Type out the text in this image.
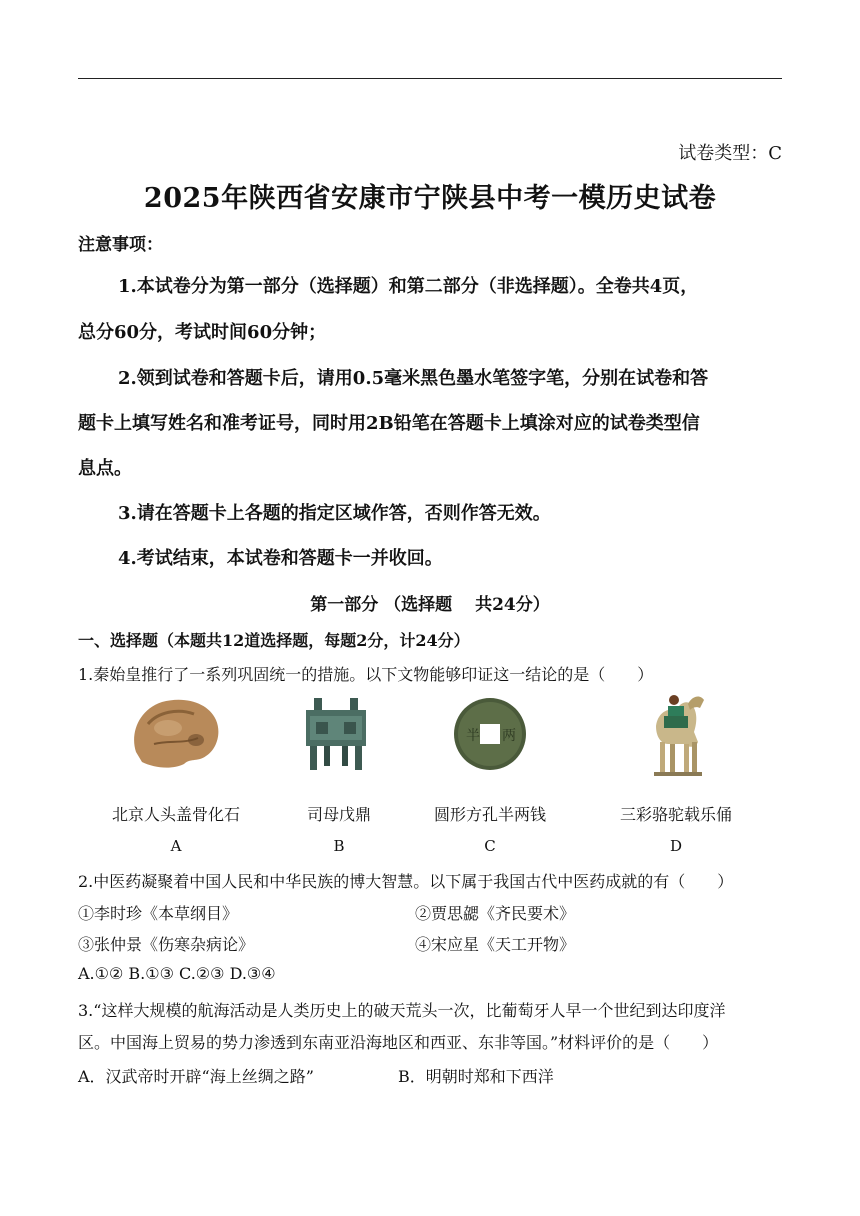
试卷类型：C
2025年陕西省安康市宁陕县中考一模历史试卷
注意事项：
1.本试卷分为第一部分（选择题）和第二部分（非选择题）。全卷共4页，
总分60分，考试时间60分钟；
2.领到试卷和答题卡后，请用0.5毫米黑色墨水笔签字笔，分别在试卷和答
题卡上填写姓名和准考证号，同时用2B铅笔在答题卡上填涂对应的试卷类型信
息点。
3.请在答题卡上各题的指定区域作答，否则作答无效。
4.考试结束，本试卷和答题卡一并收回。
第一部分 （选择题　 共24分）
一、选择题（本题共12道选择题，每题2分，计24分）
1.秦始皇推行了一系列巩固统一的措施。以下文物能够印证这一结论的是（　　）
半 两
北京人头盖骨化石	司母戊鼎	圆形方孔半两钱	三彩骆驼载乐俑
A	B	C	D
2.中医药凝聚着中国人民和中华民族的博大智慧。以下属于我国古代中医药成就的有（　　）
①李时珍《本草纲目》	②贾思勰《齐民要术》
③张仲景《伤寒杂病论》	④宋应星《天工开物》
A.①② B.①③ C.②③ D.③④
3.“这样大规模的航海活动是人类历史上的破天荒头一次，比葡萄牙人早一个世纪到达印度洋
区。中国海上贸易的势力渗透到东南亚沿海地区和西亚、东非等国。”材料评价的是（　　）
A．汉武帝时开辟“海上丝绸之路”	B．明朝时郑和下西洋
